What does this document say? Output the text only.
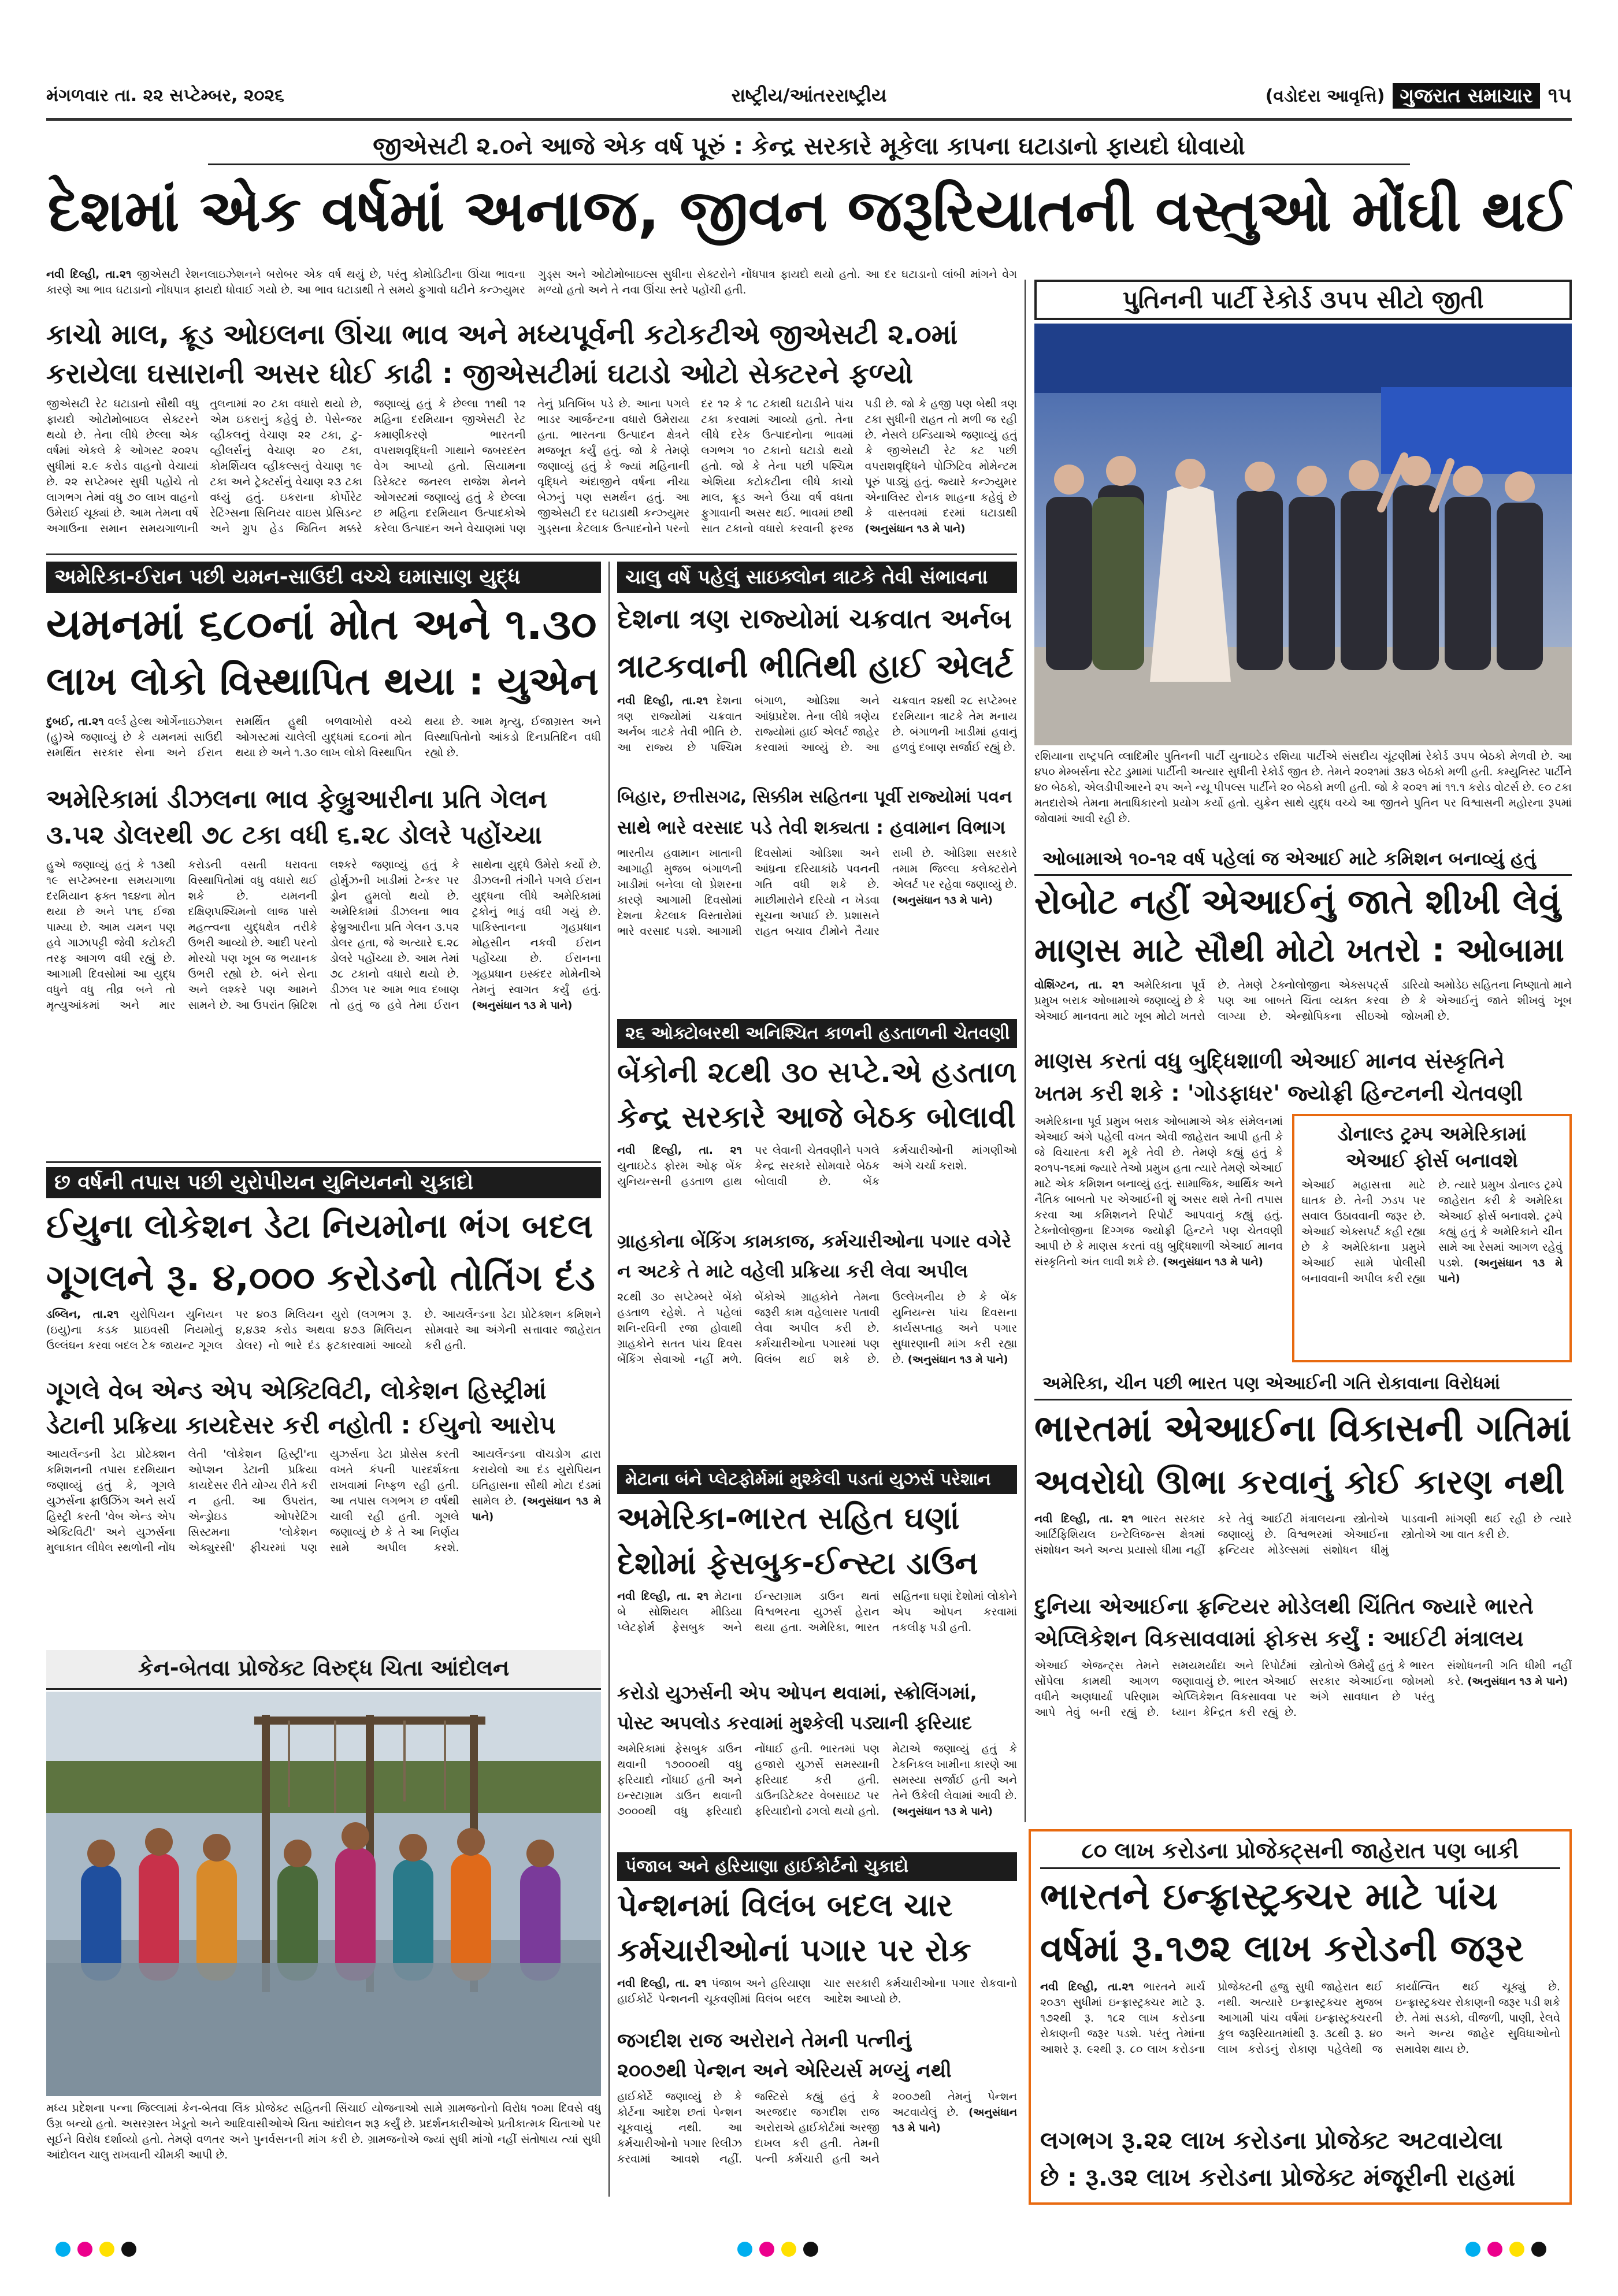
મંગળવાર તા. ૨૨ સપ્ટેમ્બર, ૨૦૨૬	રાષ્ટ્રીય/આંતરરાષ્ટ્રીય	(વડોદરા આવૃત્તિ) ગુજરાત સમાચાર ૧૫
જીએસટી ૨.૦ને આજે એક વર્ષ પૂરું : કેન્દ્ર સરકારે મૂકેલા કાપના ઘટાડાનો ફાયદો ધોવાયો
દેશમાં એક વર્ષમાં અનાજ, જીવન જરૂરિયાતની વસ્તુઓ મોંઘી થઈ
નવી દિલ્હી, તા.૨૧ જીએસટી રેશનલાઇઝેશનને બરોબર એક વર્ષ થયું છે, પરંતુ કોમોડિટીના ઊંચા ભાવના કારણે આ ભાવ ઘટાડાનો નોંધપાત્ર ફાયદો ધોવાઈ ગયો છે. આ ભાવ ઘટાડાથી તે સમયે ફુગાવો ઘટીને કન્ઝ્યુમર ગુડ્સ અને ઓટોમોબાઇલ્સ સુધીના સેક્ટરોને નોંધપાત્ર ફાયદો થયો હતો. આ દર ઘટાડાનો લાંબી માંગને વેગ મળ્યો હતો અને તે નવા ઊંચા સ્તરે પહોંચી હતી.
કાચો માલ, ક્રૂડ ઓઇલના ઊંચા ભાવ અને મધ્યપૂર્વની કટોકટીએ જીએસટી ૨.૦માં
કરાયેલા ઘસારાની અસર ધોઈ કાઢી : જીએસટીમાં ઘટાડો ઓટો સેક્ટરને ફળ્યો
જીએસટી રેટ ઘટાડાનો સૌથી વધુ ફાયદો ઓટોમોબાઇલ સેક્ટરને થયો છે. તેના લીધે છેલ્લા એક વર્ષમાં એકલે કે ઓગસ્ટ ૨૦૨૫ સુધીમાં ૨.૯ કરોડ વાહનો વેચાયાં છે. ૨૨ સપ્ટેમ્બર સુધી પહોંચે તો લાગભગ તેમાં વધુ ૭૦ લાખ વાહનો ઉમેરાઈ ચૂક્યાં છે. આમ તેમના વર્ષે અગાઉના સમાન સમયગાળાની તુલનામાં ૨૦ ટકા વધારો થયો છે, એમ ઇકરાનું કહેવું છે. પેસેન્જર વ્હીકલનું વેચાણ ૨૨ ટકા, ટુ-વ્હીલર્સનું વેચાણ ૨૦ ટકા, કોમર્શિયલ વ્હીકલ્સનું વેચાણ ૧૯ ટકા અને ટ્રેક્ટર્સનું વેચાણ ૨૩ ટકા વધ્યું હતું. ઇકરાના કોર્પોરેટ રેટિંગ્સના સિનિયર વાઇસ પ્રેસિડન્ટ અને ગ્રુપ હેડ જિતિન મક્કરે જણાવ્યું હતું કે છેલ્લા ૧૧થી ૧૨ મહિના દરમિયાન જીએસટી રેટ કમાણીકરણે ભારતની વપરાશવૃદ્ધિની ગાથાને જબરદસ્ત વેગ આપ્યો હતો. સિયામના ડિરેક્ટર જનરલ રાજેશ મેનને ઓગસ્ટમાં જણાવ્યું હતું કે છેલ્લા છ મહિના દરમિયાન ઉત્પાદકોએ કરેલા ઉત્પાદન અને વેચાણમાં પણ તેનું પ્રતિબિંબ પડે છે. આના પગલે ભાડર આર્જન્ટના વધારો ઉમેરાયા હતા. ભારતના ઉત્પાદન ક્ષેત્રને મજબૂત કર્યું હતું. જો કે તેમણે જણાવ્યું હતું કે જ્યાં મહિનાની વૃદ્ધિને અંદાજીને વર્ષના નીચા બેઝનું પણ સમર્થન હતું. આ જીએસટી દર ઘટાડાથી કન્ઝ્યુમર ગુડ્સના કેટલાક ઉત્પાદનોને પરનો દર ૧૨ કે ૧૮ ટકાથી ઘટાડીને પાંચ ટકા કરવામાં આવ્યો હતો. તેના લીધે દરેક ઉત્પાદનોના ભાવમાં લગભગ ૧૦ ટકાનો ઘટાડો થયો હતો. જો કે તેના પછી પશ્ચિમ એશિયા કટોકટીના લીધે કાચો માલ, ક્રૂડ અને ઉંચા વર્ષ વધતા ફુગાવાની અસર થઈ. ભાવમાં છથી સાત ટકાનો વધારો કરવાની ફરજ પડી છે. જો કે હજી પણ બેથી ત્રણ ટકા સુધીની રાહત તો મળી જ રહી છે. નેસલે ઇન્ડિયાએ જણાવ્યું હતું કે જીએસટી રેટ કટ પછી વપરાશવૃદ્ધિને પોઝિટિવ મોમેન્ટમ પૂરું પાડ્યું હતું. જ્યારે કન્ઝ્યુમર એનાલિસ્ટ રોનક શાહના કહેવું છે કે વાસ્તવમાં દરમાં ઘટાડાથી (અનુસંધાન ૧૩ મે પાને)
પુતિનની પાર્ટી રેકોર્ડ ૩૫૫ સીટો જીતી
રશિયાના રાષ્ટ્રપતિ વ્લાદિમીર પુતિનની પાર્ટી યુનાઇટેડ રશિયા પાર્ટીએ સંસદીય ચૂંટણીમાં રેકોર્ડ ૩૫૫ બેઠકો મેળવી છે. આ ૪૫૦ મેમ્બર્સના સ્ટેટ ડુમામાં પાર્ટીની અત્યાર સુધીની રેકોર્ડ જીત છે. તેમને ૨૦૨૧માં ૩૪૩ બેઠકો મળી હતી. કમ્યુનિસ્ટ પાર્ટીને ૪૦ બેઠકો, એલડીપીઆરને ૨૫ અને ન્યૂ પીપલ્સ પાર્ટીને ૨૦ બેઠકો મળી હતી. જો કે ૨૦૨૧ માં ૧૧.૧ કરોડ વોટર્સ છે. ૯૦ ટકા મતદારોએ તેમના મતાધિકારનો પ્રયોગ કર્યો હતો. યુક્રેન સાથે યુદ્ધ વચ્ચે આ જીતને પુતિન પર વિશ્વાસની મહોરના રૂપમાં જોવામાં આવી રહી છે.
અમેરિકા-ઈરાન પછી યમન-સાઉદી વચ્ચે ઘમાસાણ યુદ્ધ
યમનમાં ૬૮૦નાં મોત અને ૧.૩૦
લાખ લોકો વિસ્થાપિત થયા : યુએન
દુબઈ, તા.૨૧ વર્લ્ડ હેલ્થ ઓર્ગેનાઇઝેશન (હુ)એ જણાવ્યું છે કે યમનમાં સાઉદી સમર્થિત સરકાર સેના અને ઈરાન સમર્થિત હુથી બળવાખોરો વચ્ચે ઓગસ્ટમાં ચાલેલી યુદ્ધમાં ૬૮૦નાં મોત થયા છે અને ૧.૩૦ લાખ લોકો વિસ્થાપિત થયા છે. આમ મૃત્યુ, ઈજાગ્રસ્ત અને વિસ્થાપિતોનો આંકડો દિનપ્રતિદિન વધી રહ્યો છે.
અમેરિકામાં ડીઝલના ભાવ ફેબ્રુઆરીના પ્રતિ ગેલન
૩.૫૨ ડોલરથી ૭૮ ટકા વધી ૬.૨૮ ડોલરે પહોંચ્યા
હુએ જણાવ્યું હતું કે ૧૩થી ૧૯ સપ્ટેમ્બરના સમયગાળા દરમિયાન ફક્ત ૧૬૪ના મોત થયા છે અને ૫૧૬ ઈજા પામ્યા છે. આમ યમન પણ હવે ગાઝાપટ્ટી જેવી કટોકટી તરફ આગળ વધી રહ્યું છે. આગામી દિવસોમાં આ યુદ્ધ વધુને વધુ તીવ્ર બને તો મૃત્યુઆંકમાં અને માર કરોડની વસતી ધરાવતા વિસ્થાપિતોમાં વધુ વધારો થઈ શકે છે. યમનની દક્ષિણપશ્ચિમનો લાજ પાસે મહત્ત્વના યુદ્ધક્ષેત્ર તરીકે ઉભરી આવ્યો છે. આદી પરનો મોરચો પણ ખૂબ જ ભયાનક ઉભરી રહ્યો છે. બંને સેના અને લશ્કરે પણ આમને સામને છે. આ ઉપરાંત બ્રિટિશ લશ્કરે જણાવ્યું હતું કે હોર્મુઝની ખાડીમાં ટેન્કર પર ડ્રોન હુમલો થયો છે. અમેરિકામાં ડીઝલના ભાવ ફેબ્રુઆરીના પ્રતિ ગેલન ૩.૫૨ ડોલર હતા, જે અત્યારે ૬.૨૮ ડોલરે પહોંચ્યા છે. આમ તેમાં ૭૮ ટકાનો વધારો થયો છે. ડીઝલ પર આમ ભાવ દબાણ તો હતું જ હવે તેમા ઈરાન સાથેના યુદ્ધે ઉમેરો કર્યો છે. ડીઝલની તંગીને પગલે ઈરાન યુદ્ધના લીધે અમેરિકામાં ટ્રકોનું ભાડું વધી ગયું છે. પાકિસ્તાનના ગૃહપ્રધાન મોહસીન નકવી ઈરાન પહોંચ્યા છે. ઈરાનના ગૃહપ્રધાન ઇસ્કંદર મોમેનીએ તેમનું સ્વાગત કર્યું હતું. (અનુસંધાન ૧૩ મે પાને)
ચાલુ વર્ષે પહેલું સાઇક્લોન ત્રાટકે તેવી સંભાવના
દેશના ત્રણ રાજ્યોમાં ચક્રવાત અર્નબ
ત્રાટકવાની ભીતિથી હાઈ એલર્ટ
નવી દિલ્હી, તા.૨૧ દેશના ત્રણ રાજ્યોમાં ચક્રવાત અર્નબ ત્રાટકે તેવી ભીતિ છે. આ રાજ્ય છે પશ્ચિમ બંગાળ, ઓડિશા અને આંધ્રપ્રદેશ. તેના લીધે ત્રણેય રાજ્યોમાં હાઈ એલર્ટ જાહેર કરવામાં આવ્યું છે. આ ચક્રવાત ૨૪થી ૨૮ સપ્ટેમ્બર દરમિયાન ત્રાટકે તેમ મનાય છે. બંગાળની ખાડીમાં હવાનું હળવું દબાણ સર્જાઈ રહ્યું છે.
બિહાર, છત્તીસગઢ, સિક્કીમ સહિતના પૂર્વી રાજ્યોમાં પવન
સાથે ભારે વરસાદ પડે તેવી શક્યતા : હવામાન વિભાગ
ભારતીય હવામાન ખાતાની આગાહી મુજબ બંગાળની ખાડીમાં બનેલા લો પ્રેશરના કારણે આગામી દિવસોમાં દેશના કેટલાક વિસ્તારોમાં ભારે વરસાદ પડશે. આગામી દિવસોમાં ઓડિશા અને આંધ્રના દરિયાકાંઠે પવનની ગતિ વધી શકે છે. માછીમારોને દરિયો ન ખેડવા સૂચના અપાઈ છે. પ્રશાસને રાહત બચાવ ટીમોને તૈયાર રાખી છે. ઓડિશા સરકારે તમામ જિલ્લા કલેક્ટરોને એલર્ટ પર રહેવા જણાવ્યું છે. (અનુસંધાન ૧૩ મે પાને)
૨૬ ઓક્ટોબરથી અનિશ્ચિત કાળની હડતાળની ચેતવણી
બેંકોની ૨૮થી ૩૦ સપ્ટે.એ હડતાળ
કેન્દ્ર સરકારે આજે બેઠક બોલાવી
નવી દિલ્હી, તા. ૨૧ યુનાઇટેડ ફોરમ ઓફ બેંક યુનિયન્સની હડતાળ હાથ પર લેવાની ચેતવણીને પગલે કેન્દ્ર સરકારે સોમવારે બેઠક બોલાવી છે. બેંક કર્મચારીઓની માંગણીઓ અંગે ચર્ચા કરાશે.
ગ્રાહકોના બેંકિંગ કામકાજ, કર્મચારીઓના પગાર વગેરે
ન અટકે તે માટે વહેલી પ્રક્રિયા કરી લેવા અપીલ
૨૮થી ૩૦ સપ્ટેમ્બરે બેંકો હડતાળ રહેશે. તે પહેલાં શનિ-રવિની રજા હોવાથી ગ્રાહકોને સતત પાંચ દિવસ બેંકિંગ સેવાઓ નહીં મળે. બેંકોએ ગ્રાહકોને તેમના જરૂરી કામ વહેલાસર પતાવી લેવા અપીલ કરી છે. કર્મચારીઓના પગારમાં પણ વિલંબ થઈ શકે છે. ઉલ્લેખનીય છે કે બેંક યુનિયન્સ પાંચ દિવસના કાર્યસપ્તાહ અને પગાર સુધારણાની માંગ કરી રહ્યા છે. (અનુસંધાન ૧૩ મે પાને)
ઓબામાએ ૧૦-૧૨ વર્ષ પહેલાં જ એઆઈ માટે કમિશન બનાવ્યું હતું
રોબોટ નહીં એઆઈનું જાતે શીખી લેવું
માણસ માટે સૌથી મોટો ખતરો : ઓબામા
વોશિંગ્ટન, તા. ૨૧ અમેરિકાના પૂર્વ પ્રમુખ બરાક ઓબામાએ જણાવ્યું છે કે એઆઈ માનવતા માટે ખૂબ મોટો ખતરો છે. તેમણે ટેક્નોલોજીના એક્સપર્ટ્સ પણ આ બાબતે ચિંતા વ્યક્ત કરવા લાગ્યા છે. એન્થ્રોપિકના સીઇઓ ડારિયો અમોડેઇ સહિતના નિષ્ણાતો માને છે કે એઆઈનું જાતે શીખવું ખૂબ જોખમી છે.
માણસ કરતાં વધુ બુદ્ધિશાળી એઆઈ માનવ સંસ્કૃતિને
ખતમ કરી શકે : 'ગોડફાધર' જ્યોફ્રી હિન્ટનની ચેતવણી
અમેરિકાના પૂર્વ પ્રમુખ બરાક ઓબામાએ એક સંમેલનમાં એઆઈ અંગે પહેલી વખત એવી જાહેરાત આપી હતી કે જે વિચારતા કરી મૂકે તેવી છે. તેમણે કહ્યું હતું કે ૨૦૧૫-૧૬માં જ્યારે તેઓ પ્રમુખ હતા ત્યારે તેમણે એઆઈ માટે એક કમિશન બનાવ્યું હતું. સામાજિક, આર્થિક અને નૈતિક બાબતો પર એઆઈની શું અસર થશે તેની તપાસ કરવા આ કમિશનને રિપોર્ટ આપવાનું કહ્યું હતું. ટેક્નોલોજીના દિગ્ગજ જ્યોફ્રી હિન્ટને પણ ચેતવણી આપી છે કે માણસ કરતાં વધુ બુદ્ધિશાળી એઆઈ માનવ સંસ્કૃતિનો અંત લાવી શકે છે. (અનુસંધાન ૧૩ મે પાને)
ડોનાલ્ડ ટ્રમ્પ અમેરિકામાં
એઆઈ ફોર્સ બનાવશે
એઆઈ મહાસત્તા માટે ઘાતક છે. તેની ઝડપ પર સવાલ ઉઠાવવાની જરૂર છે. એઆઈ એક્સપર્ટ કહી રહ્યા છે કે અમેરિકાના પ્રમુખે એઆઈ સામે પોલીસી બનાવવાની અપીલ કરી રહ્યા છે. ત્યારે પ્રમુખ ડોનાલ્ડ ટ્રમ્પે જાહેરાત કરી કે અમેરિકા એઆઈ ફોર્સ બનાવશે. ટ્રમ્પે કહ્યું હતું કે અમેરિકાને ચીન સામે આ રેસમાં આગળ રહેવું પડશે. (અનુસંધાન ૧૩ મે પાને)
છ વર્ષની તપાસ પછી યુરોપીયન યુનિયનનો ચુકાદો
ઈયુના લોકેશન ડેટા નિયમોના ભંગ બદલ
ગૂગલને રૂ. ૪,૦૦૦ કરોડનો તોતિંગ દંડ
ડબ્લિન, તા.૨૧ યુરોપિયન યુનિયન (ઇયુ)ના કડક પ્રાઇવસી નિયમોનું ઉલ્લંઘન કરવા બદલ ટેક જાયન્ટ ગૂગલ પર ૪૦૩ મિલિયન યુરો (લગભગ રૂ. ૪,૪૩૨ કરોડ અથવા ૪૭૩ મિલિયન ડોલર) નો ભારે દંડ ફટકારવામાં આવ્યો છે. આયર્લેન્ડના ડેટા પ્રોટેક્શન કમિશને સોમવારે આ અંગેની સત્તાવાર જાહેરાત કરી હતી.
ગૂગલે વેબ એન્ડ એપ એક્ટિવિટી, લોકેશન હિસ્ટ્રીમાં
ડેટાની પ્રક્રિયા કાયદેસર કરી નહોતી : ઈયુનો આરોપ
આયર્લેન્ડની ડેટા પ્રોટેક્શન કમિશનની તપાસ દરમિયાન જણાવ્યું હતું કે, ગૂગલે યુઝર્સના ફ્રાઉઝિંગ અને સર્ચ હિસ્ટ્રી કરતી 'વેબ એન્ડ એપ એક્ટિવિટી' અને યુઝર્સના મુલાકાત લીધેલ સ્થળોની નોંધ લેતી 'લોકેશન હિસ્ટ્રી'ના ઓપ્શન ડેટાની પ્રક્રિયા કાયદેસર રીતે યોગ્ય રીતે કરી ન હતી. આ ઉપરાંત, એન્ડ્રોઇડ ઓપરેટિંગ સિસ્ટમના 'લોકેશન એક્યુરસી' ફીચરમાં પણ યુઝર્સના ડેટા પ્રોસેસ કરતી વખતે કંપની પારદર્શકતા રાખવામાં નિષ્ફળ રહી હતી. આ તપાસ લગભગ છ વર્ષથી ચાલી રહી હતી. ગૂગલે જણાવ્યું છે કે તે આ નિર્ણય સામે અપીલ કરશે. આયર્લેન્ડના વૉચડોગ દ્વારા કરાયેલો આ દંડ યુરોપિયન ઇતિહાસના સૌથી મોટા દંડમાં સામેલ છે. (અનુસંધાન ૧૩ મે પાને)
અમેરિકા, ચીન પછી ભારત પણ એઆઈની ગતિ રોકાવાના વિરોધમાં
ભારતમાં એઆઈના વિકાસની ગતિમાં
અવરોધો ઊભા કરવાનું કોઈ કારણ નથી
નવી દિલ્હી, તા. ૨૧ ભારત સરકાર આર્ટિફિશિયલ ઇન્ટેલિજન્સ ક્ષેત્રમાં સંશોધન અને અન્ય પ્રયાસો ધીમા નહીં કરે તેવું આઈટી મંત્રાલયના સ્ત્રોતોએ જણાવ્યું છે. વિશ્વભરમાં એઆઈના ફ્રન્ટિયર મોડેલ્સમાં સંશોધન ધીમું પાડવાની માંગણી થઈ રહી છે ત્યારે સ્ત્રોતોએ આ વાત કરી છે.
દુનિયા એઆઈના ફ્રન્ટિયર મોડેલથી ચિંતિત જ્યારે ભારતે
એપ્લિકેશન વિકસાવવામાં ફોકસ કર્યું : આઈટી મંત્રાલય
એઆઈ એજન્ટ્સ તેમને સોંપેલા કામથી આગળ વધીને અણધાર્યા પરિણામ આપે તેવું બની રહ્યું છે. સમયમર્યાદા અને રિપોર્ટમાં જણાવાયું છે. ભારત એઆઈ એપ્લિકેશન વિકસાવવા પર ધ્યાન કેન્દ્રિત કરી રહ્યું છે. સ્ત્રોતોએ ઉમેર્યું હતું કે ભારત સરકાર એઆઈના જોખમો અંગે સાવધાન છે પરંતુ સંશોધનની ગતિ ધીમી નહીં કરે. (અનુસંધાન ૧૩ મે પાને)
મેટાના બંને પ્લેટફોર્મમાં મુશ્કેલી પડતાં યુઝર્સ પરેશાન
અમેરિકા-ભારત સહિત ઘણાં
દેશોમાં ફેસબુક-ઈન્સ્ટા ડાઉન
નવી દિલ્હી, તા. ૨૧ મેટાના બે સોશિયલ મીડિયા પ્લેટફોર્મ ફેસબુક અને ઈન્સ્ટાગ્રામ ડાઉન થતાં વિશ્વભરના યુઝર્સ હેરાન થયા હતા. અમેરિકા, ભારત સહિતના ઘણાં દેશોમાં લોકોને એપ ઓપન કરવામાં તકલીફ પડી હતી.
કરોડો યુઝર્સની એપ ઓપન થવામાં, સ્ક્રોલિંગમાં,
પોસ્ટ અપલોડ કરવામાં મુશ્કેલી પડ્યાની ફરિયાદ
અમેરિકામાં ફેસબુક ડાઉન થવાની ૧૭૦૦૦થી વધુ ફરિયાદો નોંધાઈ હતી અને ઇન્સ્ટાગ્રામ ડાઉન થવાની ૭૦૦૦થી વધુ ફરિયાદો નોંધાઈ હતી. ભારતમાં પણ હજારો યુઝર્સે સમસ્યાની ફરિયાદ કરી હતી. ડાઉનડિટેક્ટર વેબસાઇટ પર ફરિયાદોનો ઢગલો થયો હતો. મેટાએ જણાવ્યું હતું કે ટેકનિકલ ખામીના કારણે આ સમસ્યા સર્જાઈ હતી અને તેને ઉકેલી લેવામાં આવી છે. (અનુસંધાન ૧૩ મે પાને)
કેન-બેતવા પ્રોજેક્ટ વિરુદ્ધ ચિતા આંદોલન
મધ્ય પ્રદેશના પન્ના જિલ્લામાં કેન-બેતવા લિંક પ્રોજેક્ટ સહિતની સિંચાઈ યોજનાઓ સામે ગ્રામજનોનો વિરોધ ૧૦મા દિવસે વધુ ઉગ્ર બન્યો હતો. અસરગ્રસ્ત ખેડૂતો અને આદિવાસીઓએ ચિતા આંદોલન શરૂ કર્યું છે. પ્રદર્શનકારીઓએ પ્રતીકાત્મક ચિતાઓ પર સૂઈને વિરોધ દર્શાવ્યો હતો. તેમણે વળતર અને પુનર્વસનની માંગ કરી છે. ગ્રામજનોએ જ્યાં સુધી માંગો નહીં સંતોષાય ત્યાં સુધી આંદોલન ચાલુ રાખવાની ચીમકી આપી છે.
પંજાબ અને હરિયાણા હાઈકોર્ટનો ચુકાદો
પેન્શનમાં વિલંબ બદલ ચાર
કર્મચારીઓનાં પગાર પર રોક
નવી દિલ્હી, તા. ૨૧ પંજાબ અને હરિયાણા હાઈકોર્ટે પેન્શનની ચૂકવણીમાં વિલંબ બદલ ચાર સરકારી કર્મચારીઓના પગાર રોકવાનો આદેશ આપ્યો છે.
જગદીશ રાજ અરોરાને તેમની પત્નીનું
૨૦૦૭થી પેન્શન અને એરિયર્સ મળ્યું નથી
હાઈકોર્ટે જણાવ્યું છે કે કોર્ટના આદેશ છતાં પેન્શન ચૂકવાયું નથી. આ કર્મચારીઓનો પગાર રિલીઝ કરવામાં આવશે નહીં. જસ્ટિસે કહ્યું હતું કે અરજદાર જગદીશ રાજ અરોરાએ હાઈકોર્ટમાં અરજી દાખલ કરી હતી. તેમની પત્ની કર્મચારી હતી અને ૨૦૦૭થી તેમનું પેન્શન અટવાયેલું છે. (અનુસંધાન ૧૩ મે પાને)
૮૦ લાખ કરોડના પ્રોજેક્ટ્સની જાહેરાત પણ બાકી
ભારતને ઇન્ફ્રાસ્ટ્રક્ચર માટે પાંચ
વર્ષમાં રૂ.૧૭૨ લાખ કરોડની જરૂર
નવી દિલ્હી, તા.૨૧ ભારતને માર્ચ ૨૦૩૧ સુધીમાં ઇન્ફ્રાસ્ટ્રક્ચર માટે રૂ. ૧૭૨થી રૂ. ૧૮૨ લાખ કરોડના રોકાણની જરૂર પડશે. પરંતુ તેમાંના આશરે રૂ. ૯૨થી રૂ. ૮૦ લાખ કરોડના પ્રોજેક્ટની હજુ સુધી જાહેરાત થઈ નથી. અત્યારે ઇન્ફ્રાસ્ટ્રક્ચર મુજબ આગામી પાંચ વર્ષમાં ઇન્ફ્રાસ્ટ્રક્ચરની કુલ જરૂરિયાતમાંથી રૂ. ૩૮થી રૂ. ૪૦ લાખ કરોડનું રોકાણ પહેલેથી જ કાર્યાન્વિત થઈ ચૂક્યું છે. ઇન્ફ્રાસ્ટ્રક્ચર રોકાણની જરૂર પડી શકે છે. તેમાં સડકો, વીજળી, પાણી, રેલવે અને અન્ય જાહેર સુવિધાઓનો સમાવેશ થાય છે.
લગભગ રૂ.૨૨ લાખ કરોડના પ્રોજેક્ટ અટવાયેલા
છે : રૂ.૩૨ લાખ કરોડના પ્રોજેક્ટ મંજૂરીની રાહમાં
